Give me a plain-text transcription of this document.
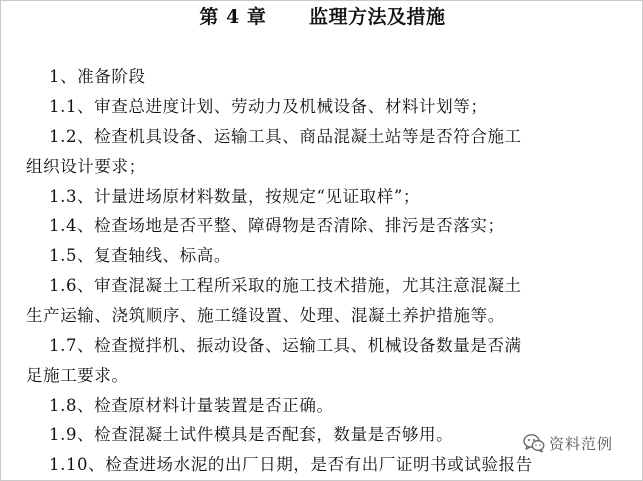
第 4 章      监理方法及措施
1、准备阶段
1.1、审查总进度计划、劳动力及机械设备、材料计划等；
1.2、检查机具设备、运输工具、商品混凝土站等是否符合施工
组织设计要求；
1.3、计量进场原材料数量，按规定“见证取样”；
1.4、检查场地是否平整、障碍物是否清除、排污是否落实；
1.5、复查轴线、标高。
1.6、审查混凝土工程所采取的施工技术措施，尤其注意混凝土
生产运输、浇筑顺序、施工缝设置、处理、混凝土养护措施等。
1.7、检查搅拌机、振动设备、运输工具、机械设备数量是否满
足施工要求。
1.8、检查原材料计量装置是否正确。
1.9、检查混凝土试件模具是否配套，数量是否够用。
1.10、检查进场水泥的出厂日期，是否有出厂证明书或试验报告
资料范例
